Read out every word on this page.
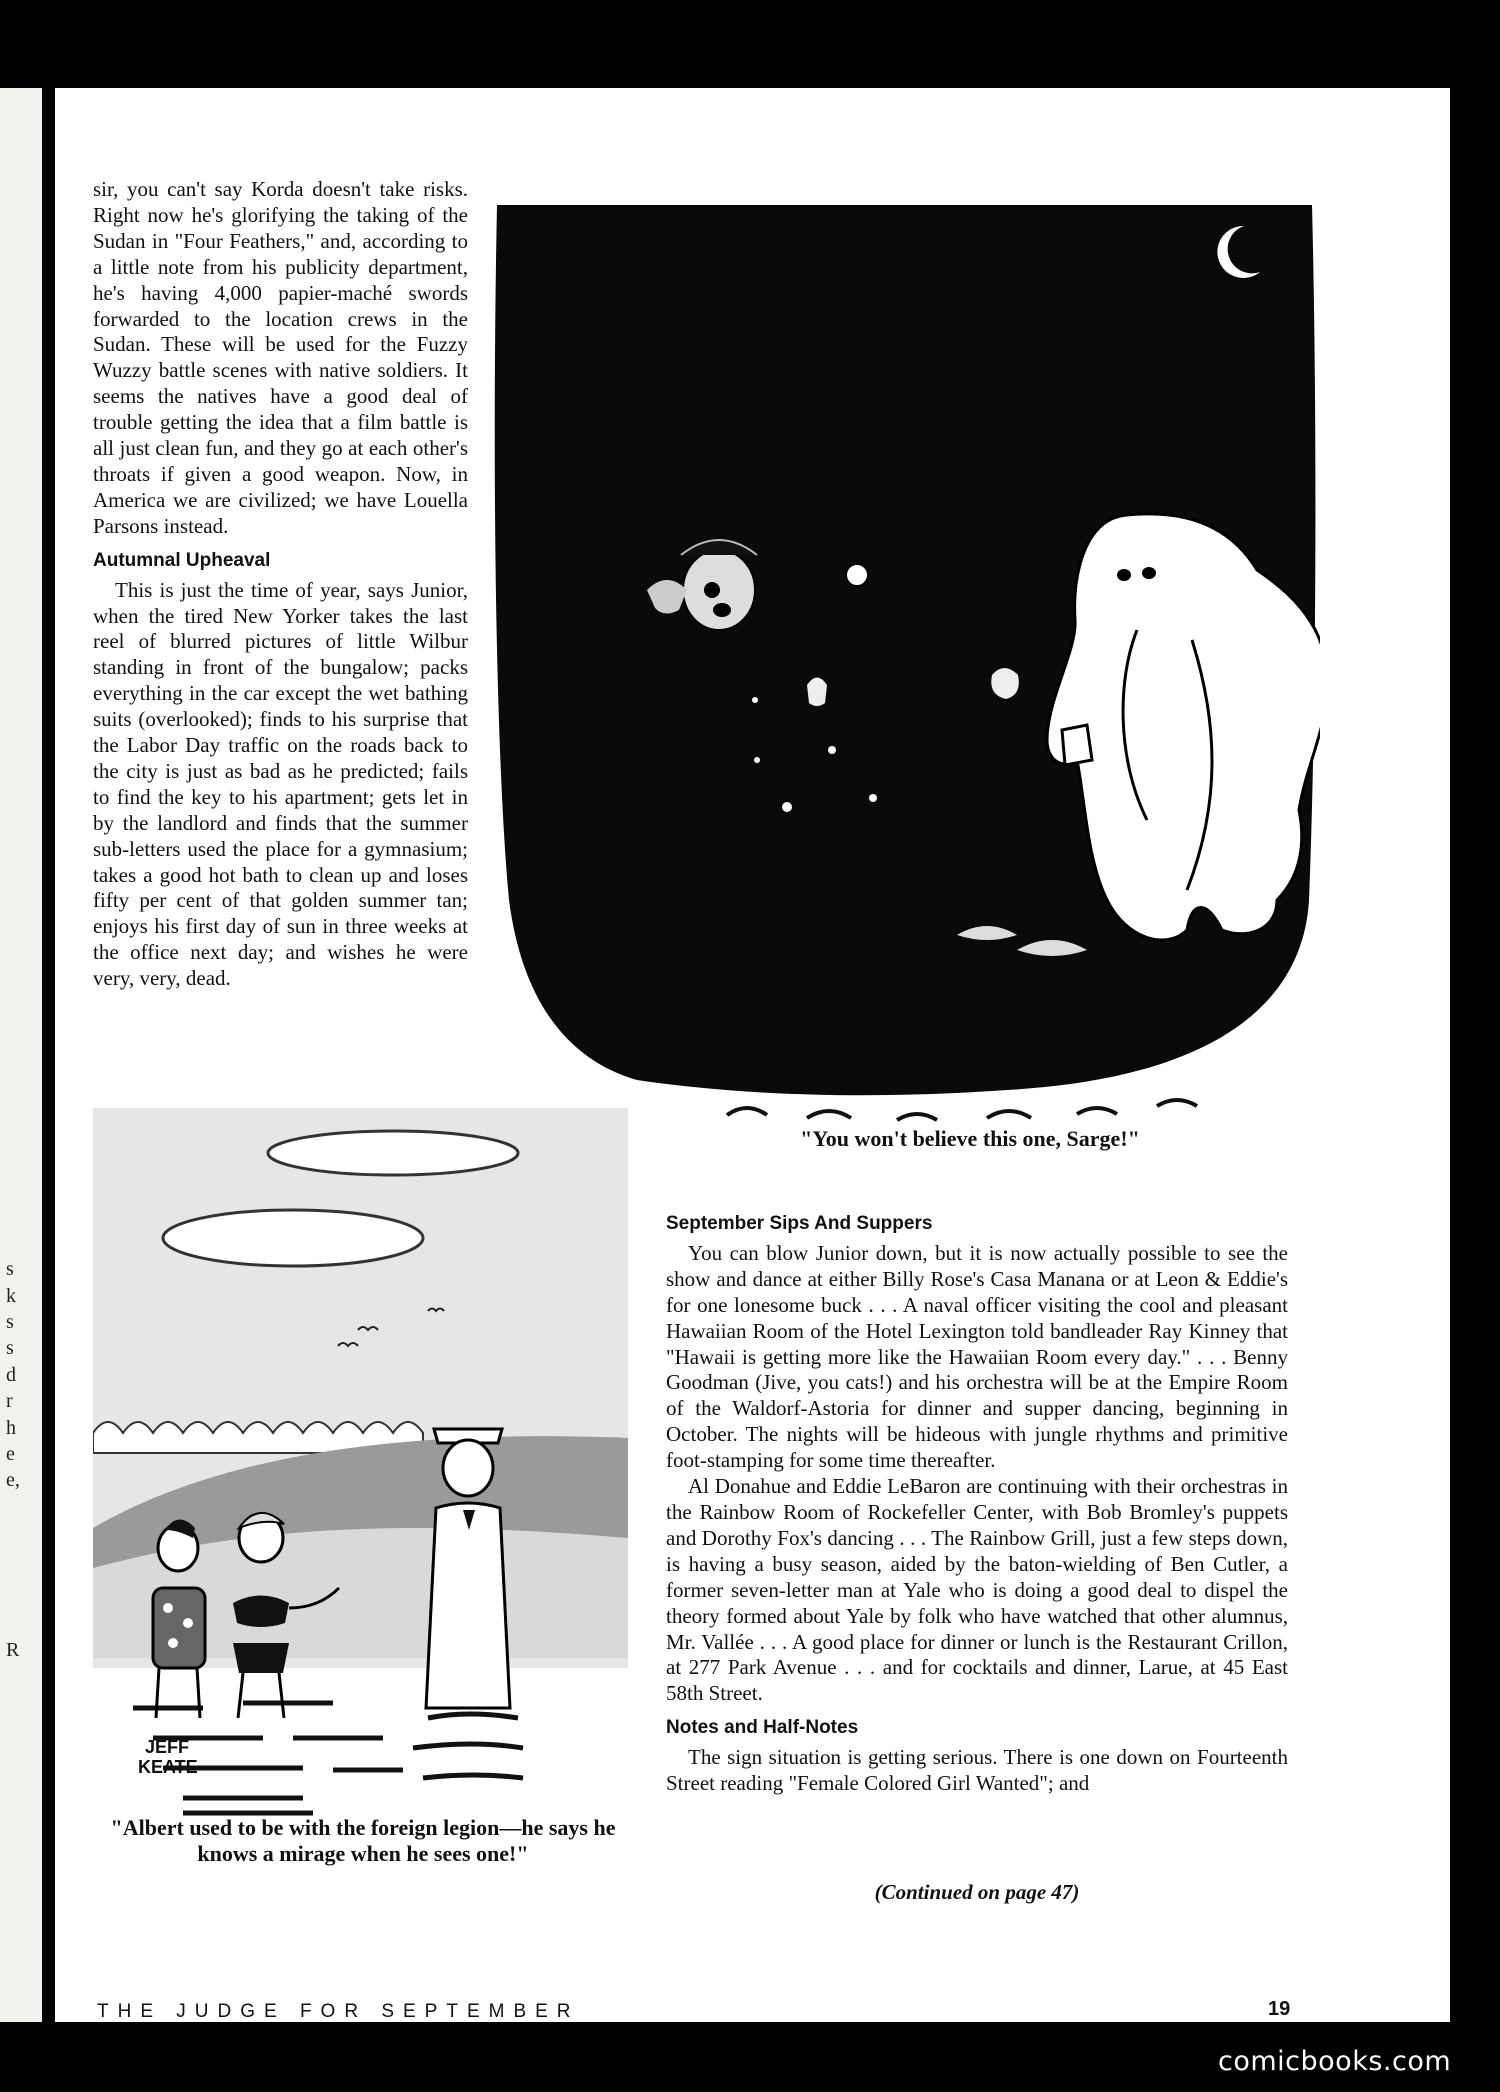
s
k
s
s
d
r
h
e
e,
R

sir, you can't say Korda doesn't take risks. Right now he's glorifying the taking of the Sudan in "Four Feathers," and, according to a little note from his publicity department, he's having 4,000 papier-maché swords forwarded to the location crews in the Sudan. These will be used for the Fuzzy Wuzzy battle scenes with native soldiers. It seems the natives have a good deal of trouble getting the idea that a film battle is all just clean fun, and they go at each other's throats if given a good weapon. Now, in America we are civilized; we have Louella Parsons instead.

Autumnal Upheaval

This is just the time of year, says Junior, when the tired New Yorker takes the last reel of blurred pictures of little Wilbur standing in front of the bungalow; packs everything in the car except the wet bathing suits (overlooked); finds to his surprise that the Labor Day traffic on the roads back to the city is just as bad as he predicted; fails to find the key to his apartment; gets let in by the landlord and finds that the summer sub-letters used the place for a gymnasium; takes a good hot bath to clean up and loses fifty per cent of that golden summer tan; enjoys his first day of sun in three weeks at the office next day; and wishes he were very, very, dead.

"You won't believe this one, Sarge!"
JEFF
KEATE
"Albert used to be with the foreign legion—he says he knows a mirage when he sees one!"
September Sips And Suppers

You can blow Junior down, but it is now actually possible to see the show and dance at either Billy Rose's Casa Manana or at Leon & Eddie's for one lonesome buck . . . A naval officer visiting the cool and pleasant Hawaiian Room of the Hotel Lexington told bandleader Ray Kinney that "Hawaii is getting more like the Hawaiian Room every day." . . . Benny Goodman (Jive, you cats!) and his orchestra will be at the Empire Room of the Waldorf-Astoria for dinner and supper dancing, beginning in October. The nights will be hideous with jungle rhythms and primitive foot-stamping for some time thereafter.

Al Donahue and Eddie LeBaron are continuing with their orchestras in the Rainbow Room of Rockefeller Center, with Bob Bromley's puppets and Dorothy Fox's dancing . . . The Rainbow Grill, just a few steps down, is having a busy season, aided by the baton-wielding of Ben Cutler, a former seven-letter man at Yale who is doing a good deal to dispel the theory formed about Yale by folk who have watched that other alumnus, Mr. Vallée . . . A good place for dinner or lunch is the Restaurant Crillon, at 277 Park Avenue . . . and for cocktails and dinner, Larue, at 45 East 58th Street.

Notes and Half-Notes

The sign situation is getting serious. There is one down on Fourteenth Street reading "Female Colored Girl Wanted"; and

(Continued on page 47)
THE JUDGE FOR SEPTEMBER	19
comicbooks.com
